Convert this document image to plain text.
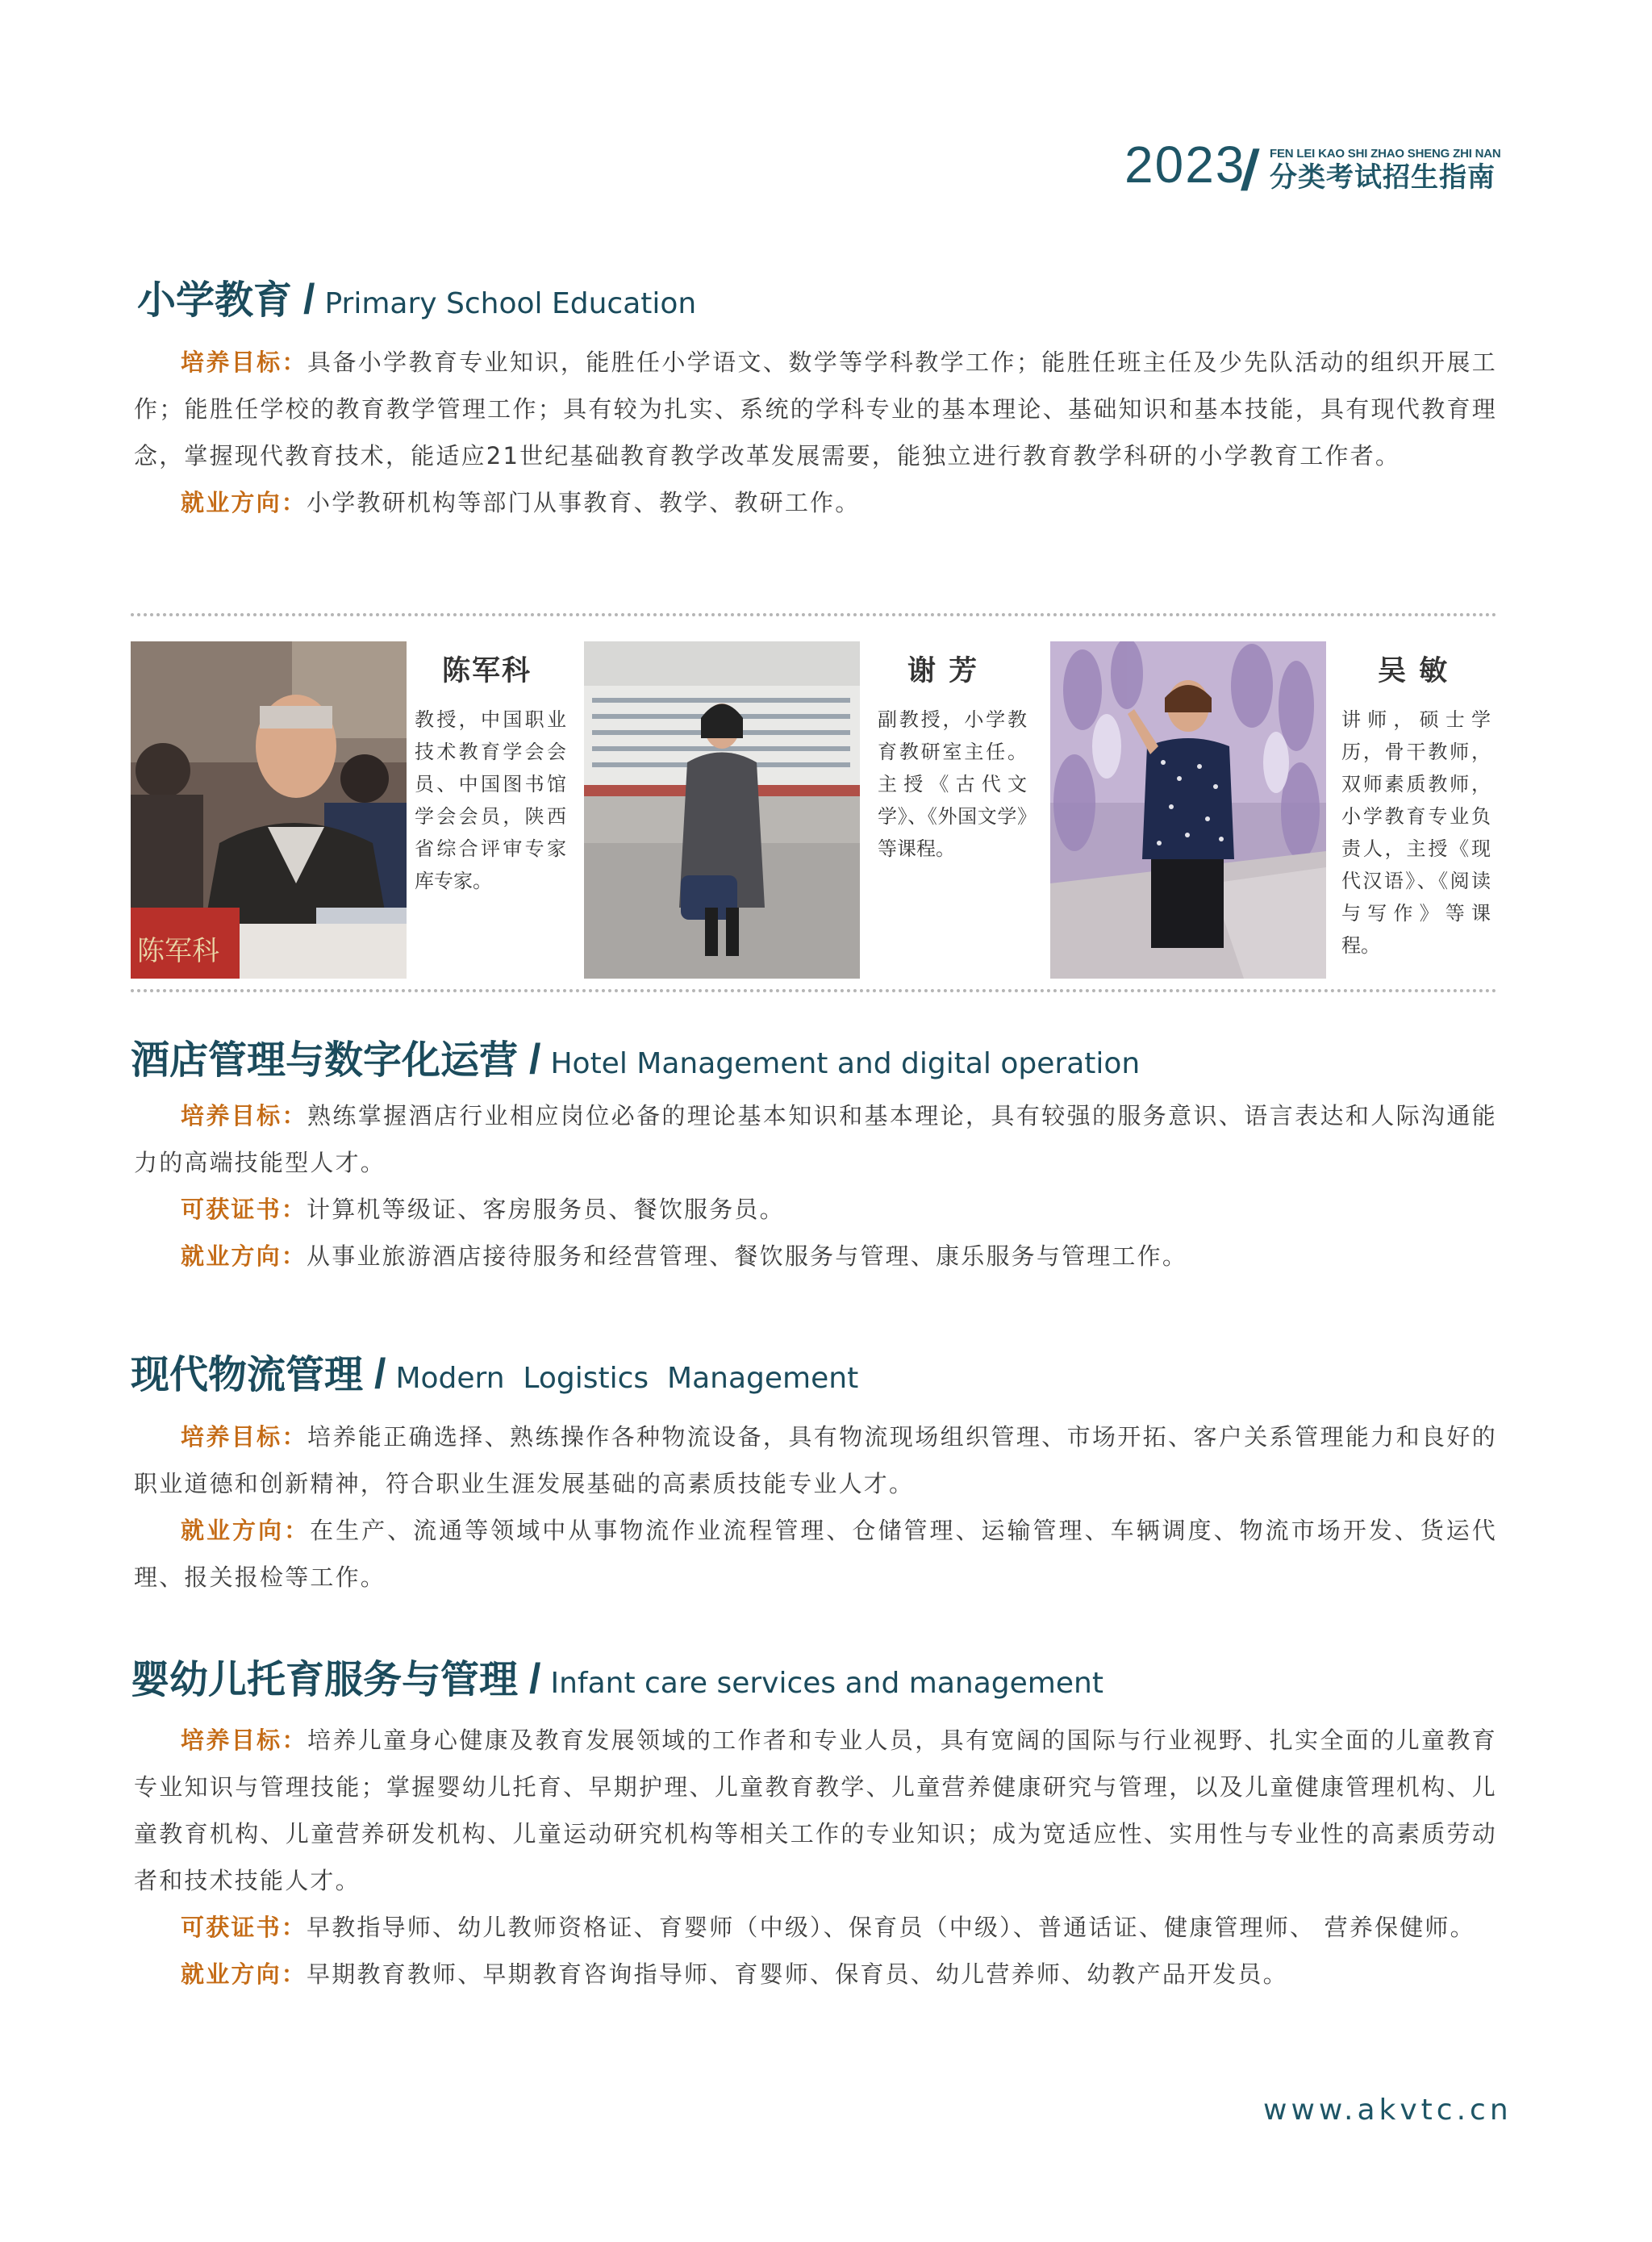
2023
/ FEN LEI KAO SHI ZHAO SHENG ZHI NAN
分类考试招生指南
小学教育 / Primary School Education

培养目标：具备小学教育专业知识，能胜任小学语文、数学等学科教学工作；能胜任班主任及少先队活动的组织开展工作；能胜任学校的教育教学管理工作；具有较为扎实、系统的学科专业的基本理论、基础知识和基本技能，具有现代教育理念，掌握现代教育技术，能适应21世纪基础教育教学改革发展需要，能独立进行教育教学科研的小学教育工作者。

就业方向：小学教研机构等部门从事教育、教学、教研工作。

陈军科
陈军科
教授，中国职业技术教育学会会员、中国图书馆学会会员，陕西省综合评审专家库专家。
谢 芳
副教授，小学教育教研室主任。主授《古代文学》、《外国文学》等课程。
吴 敏
讲师，硕士学历，骨干教师，双师素质教师，小学教育专业负责人，主授《现代汉语》、《阅读与写作》等课程。
酒店管理与数字化运营 / Hotel Management and digital operation

培养目标：熟练掌握酒店行业相应岗位必备的理论基本知识和基本理论，具有较强的服务意识、语言表达和人际沟通能力的高端技能型人才。

可获证书：计算机等级证、客房服务员、餐饮服务员。

就业方向：从事业旅游酒店接待服务和经营管理、餐饮服务与管理、康乐服务与管理工作。

现代物流管理 / Modern  Logistics  Management

培养目标：培养能正确选择、熟练操作各种物流设备，具有物流现场组织管理、市场开拓、客户关系管理能力和良好的职业道德和创新精神，符合职业生涯发展基础的高素质技能专业人才。

就业方向：在生产、流通等领域中从事物流作业流程管理、仓储管理、运输管理、车辆调度、物流市场开发、货运代理、报关报检等工作。

婴幼儿托育服务与管理 / Infant care services and management

培养目标：培养儿童身心健康及教育发展领域的工作者和专业人员，具有宽阔的国际与行业视野、扎实全面的儿童教育专业知识与管理技能；掌握婴幼儿托育、早期护理、儿童教育教学、儿童营养健康研究与管理，以及儿童健康管理机构、儿童教育机构、儿童营养研发机构、儿童运动研究机构等相关工作的专业知识；成为宽适应性、实用性与专业性的高素质劳动者和技术技能人才。

可获证书：早教指导师、幼儿教师资格证、育婴师（中级）、保育员（中级）、普通话证、健康管理师、 营养保健师。

就业方向：早期教育教师、早期教育咨询指导师、育婴师、保育员、幼儿营养师、幼教产品开发员。

www.akvtc.cn
